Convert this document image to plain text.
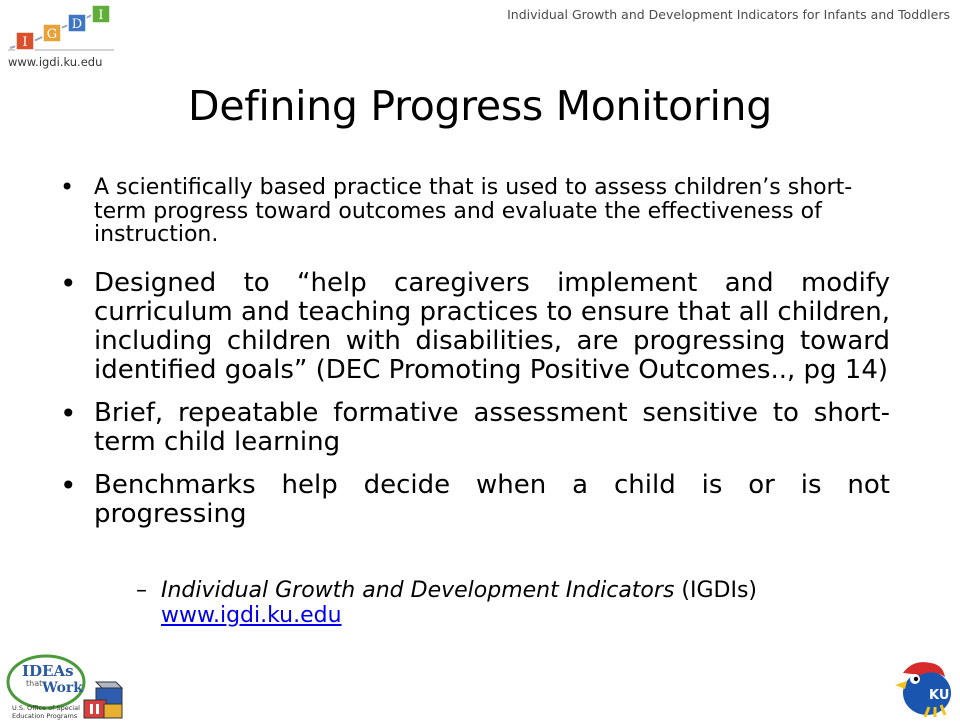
I
G
D
I
www.igdi.ku.edu
Individual Growth and Development Indicators for Infants and Toddlers
Defining Progress Monitoring
• A scientifically based practice that is used to assess children’s short-term progress toward outcomes and evaluate the effectiveness of instruction.
• Designed to “help caregivers implement and modify curriculum and teaching practices to ensure that all children, including children with disabilities, are progressing toward identified goals” (DEC Promoting Positive Outcomes.., pg 14)
• Brief, repeatable formative assessment sensitive to short-term child learning
• Benchmarks help decide when a child is or is not progressing
– Individual Growth and Development Indicators (IGDIs) www.igdi.ku.edu
IDEAs
that Work
U.S. Office of Special
Education Programs
KU
